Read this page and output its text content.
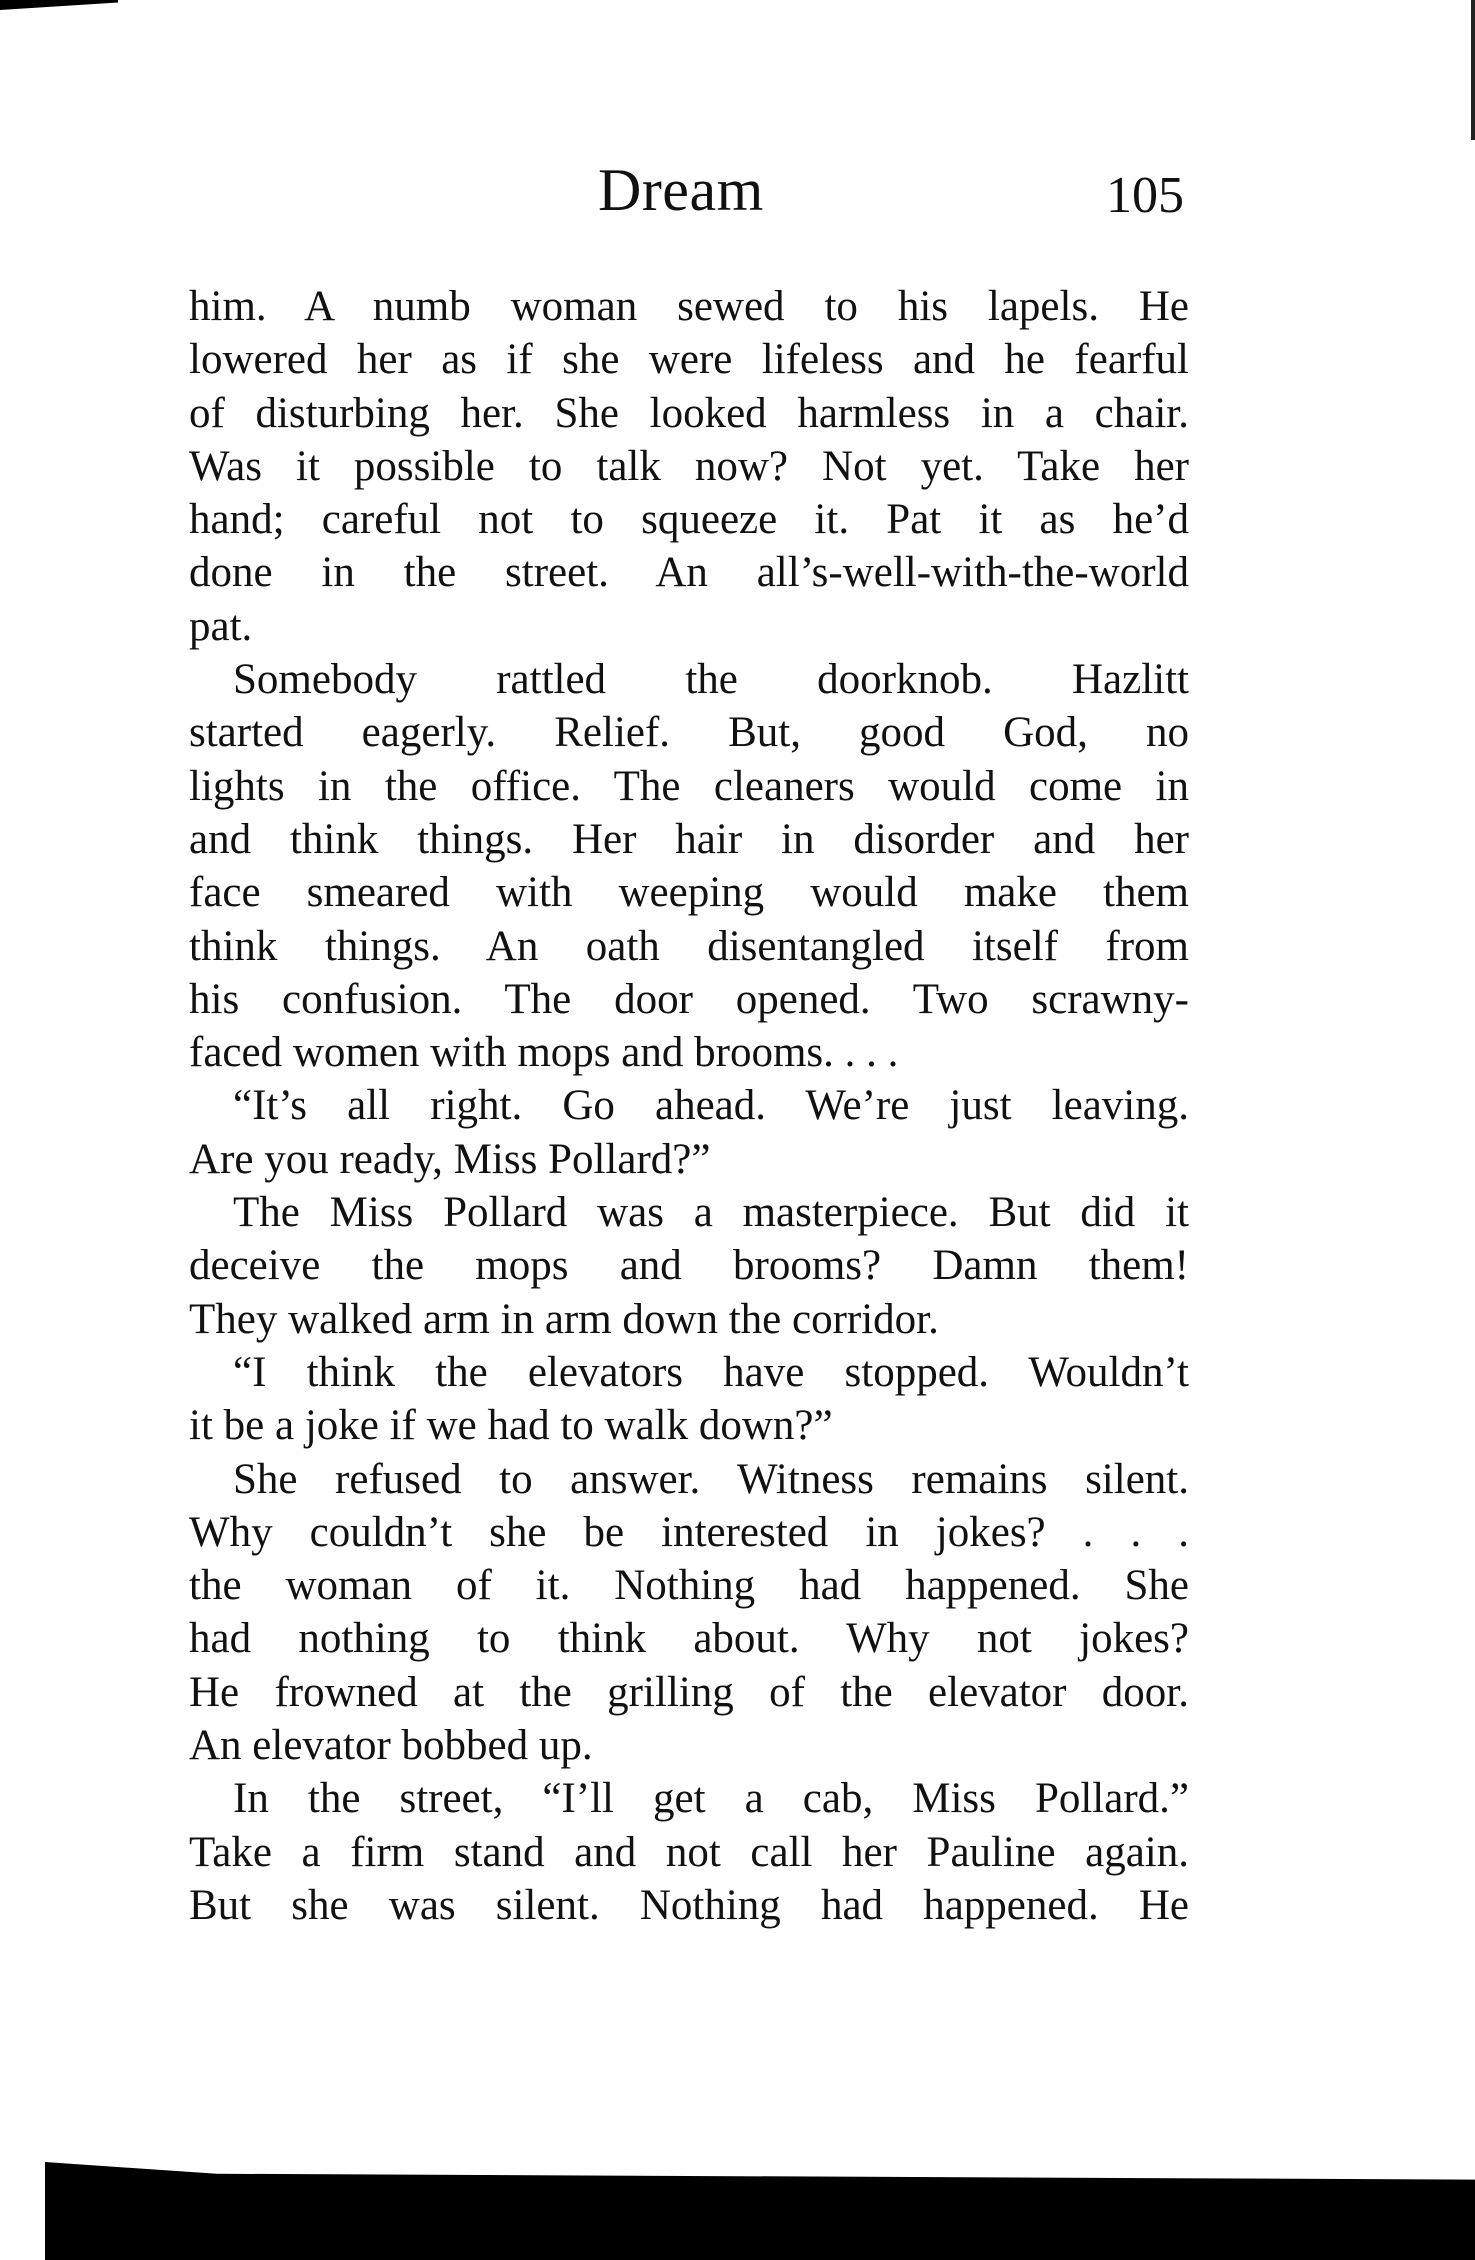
Dream	105
him. A numb woman sewed to his lapels. He
lowered her as if she were lifeless and he fearful
of disturbing her. She looked harmless in a chair.
Was it possible to talk now? Not yet. Take her
hand; careful not to squeeze it. Pat it as he’d
done in the street. An all’s-well-with-the-world
pat.
Somebody rattled the doorknob. Hazlitt
started eagerly. Relief. But, good God, no
lights in the office. The cleaners would come in
and think things. Her hair in disorder and her
face smeared with weeping would make them
think things. An oath disentangled itself from
his confusion. The door opened. Two scrawny-
faced women with mops and brooms. . . .
“It’s all right. Go ahead. We’re just leaving.
Are you ready, Miss Pollard?”
The Miss Pollard was a masterpiece. But did it
deceive the mops and brooms? Damn them!
They walked arm in arm down the corridor.
“I think the elevators have stopped. Wouldn’t
it be a joke if we had to walk down?”
She refused to answer. Witness remains silent.
Why couldn’t she be interested in jokes? . . .
the woman of it. Nothing had happened. She
had nothing to think about. Why not jokes?
He frowned at the grilling of the elevator door.
An elevator bobbed up.
In the street, “I’ll get a cab, Miss Pollard.”
Take a firm stand and not call her Pauline again.
But she was silent. Nothing had happened. He
